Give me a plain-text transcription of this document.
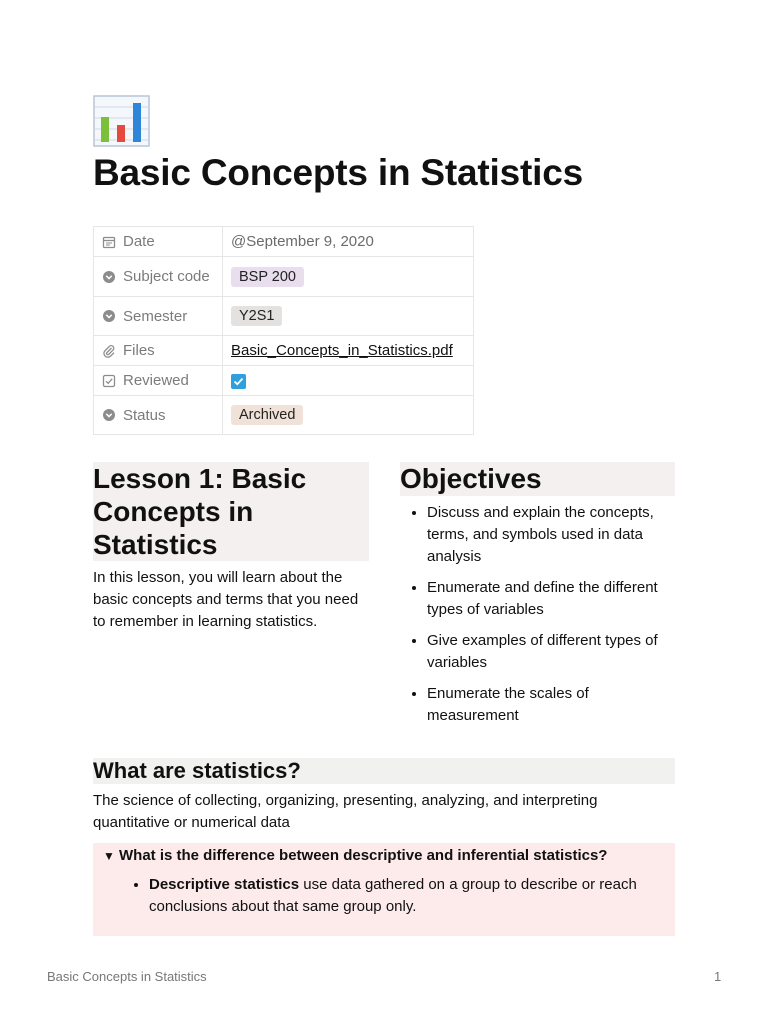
Basic Concepts in Statistics
Date	@September 9, 2020

Subject code	BSP 200

Semester	Y2S1

Files	Basic_Concepts_in_Statistics.pdf

Reviewed

Status	Archived
Lesson 1: Basic Concepts in Statistics

In this lesson, you will learn about the basic concepts and terms that you need to remember in learning statistics.

Objectives
• Discuss and explain the concepts, terms, and symbols used in data analysis
• Enumerate and define the different types of variables
• Give examples of different types of variables
• Enumerate the scales of measurement
What are statistics?

The science of collecting, organizing, presenting, analyzing, and interpreting quantitative or numerical data

▼ What is the difference between descriptive and inferential statistics?
• Descriptive statistics use data gathered on a group to describe or reach conclusions about that same group only.
Basic Concepts in Statistics	1
